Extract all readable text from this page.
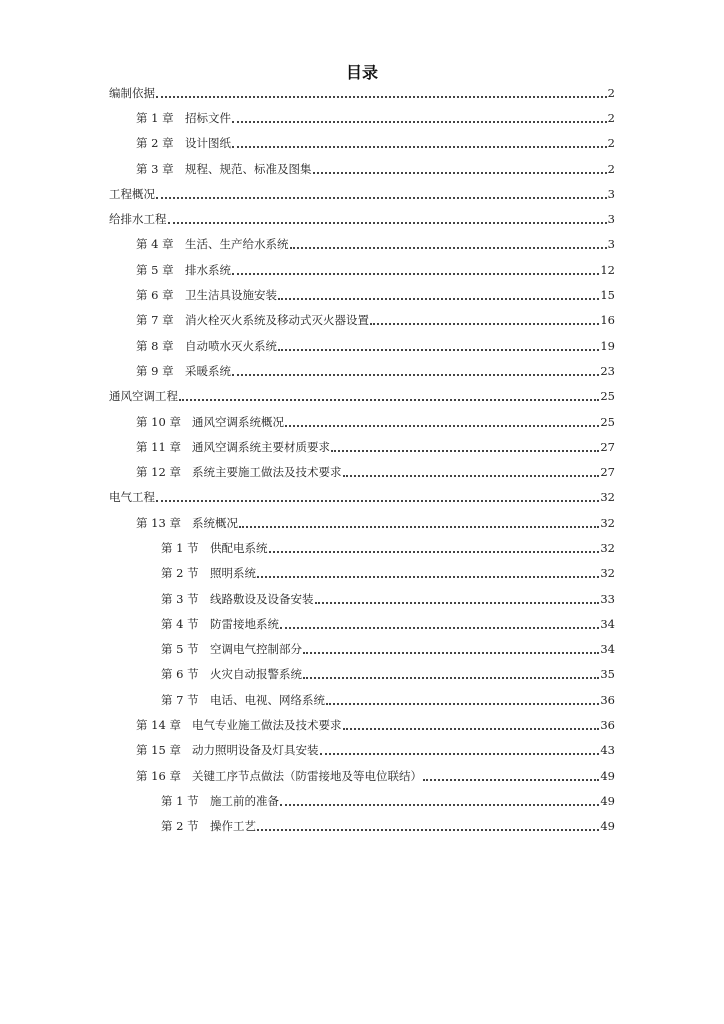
目录
编制依据	2
第 1 章 招标文件	2
第 2 章 设计图纸	2
第 3 章 规程、规范、标准及图集	2
工程概况	3
给排水工程	3
第 4 章 生活、生产给水系统	3
第 5 章 排水系统	12
第 6 章 卫生洁具设施安装	15
第 7 章 消火栓灭火系统及移动式灭火器设置	16
第 8 章 自动喷水灭火系统	19
第 9 章 采暖系统	23
通风空调工程	25
第 10 章 通风空调系统概况	25
第 11 章 通风空调系统主要材质要求	27
第 12 章 系统主要施工做法及技术要求	27
电气工程	32
第 13 章 系统概况	32
第 1 节 供配电系统	32
第 2 节 照明系统	32
第 3 节 线路敷设及设备安装	33
第 4 节 防雷接地系统	34
第 5 节 空调电气控制部分	34
第 6 节 火灾自动报警系统	35
第 7 节 电话、电视、网络系统	36
第 14 章 电气专业施工做法及技术要求	36
第 15 章 动力照明设备及灯具安装	43
第 16 章 关键工序节点做法（防雷接地及等电位联结）	49
第 1 节 施工前的准备	49
第 2 节 操作工艺	49
